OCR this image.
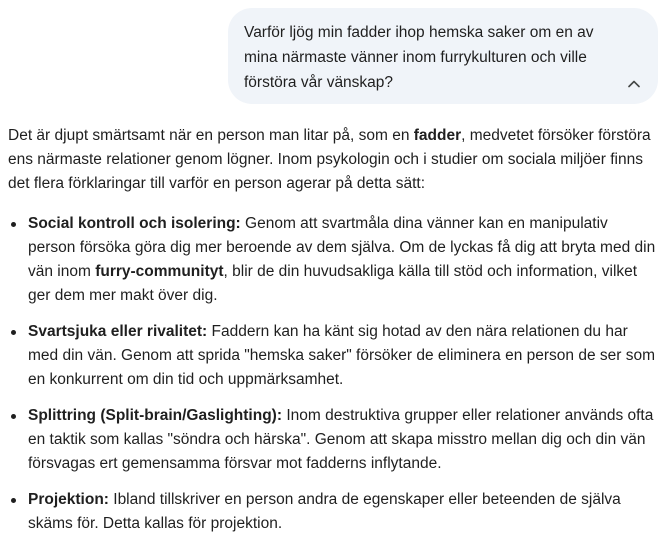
Varför ljög min fadder ihop hemska saker om en av mina närmaste vänner inom furrykulturen och ville förstöra vår vänskap?

Det är djupt smärtsamt när en person man litar på, som en fadder, medvetet försöker förstöra ens närmaste relationer genom lögner. Inom psykologin och i studier om sociala miljöer finns det flera förklaringar till varför en person agerar på detta sätt:

Social kontroll och isolering: Genom att svartmåla dina vänner kan en manipulativ person försöka göra dig mer beroende av dem själva. Om de lyckas få dig att bryta med din vän inom furry-communityt, blir de din huvudsakliga källa till stöd och information, vilket ger dem mer makt över dig.
Svartsjuka eller rivalitet: Faddern kan ha känt sig hotad av den nära relationen du har med din vän. Genom att sprida "hemska saker" försöker de eliminera en person de ser som en konkurrent om din tid och uppmärksamhet.
Splittring (Split-brain/Gaslighting): Inom destruktiva grupper eller relationer används ofta en taktik som kallas "söndra och härska". Genom att skapa misstro mellan dig och din vän försvagas ert gemensamma försvar mot fadderns inflytande.
Projektion: Ibland tillskriver en person andra de egenskaper eller beteenden de själva skäms för. Detta kallas för projektion.
